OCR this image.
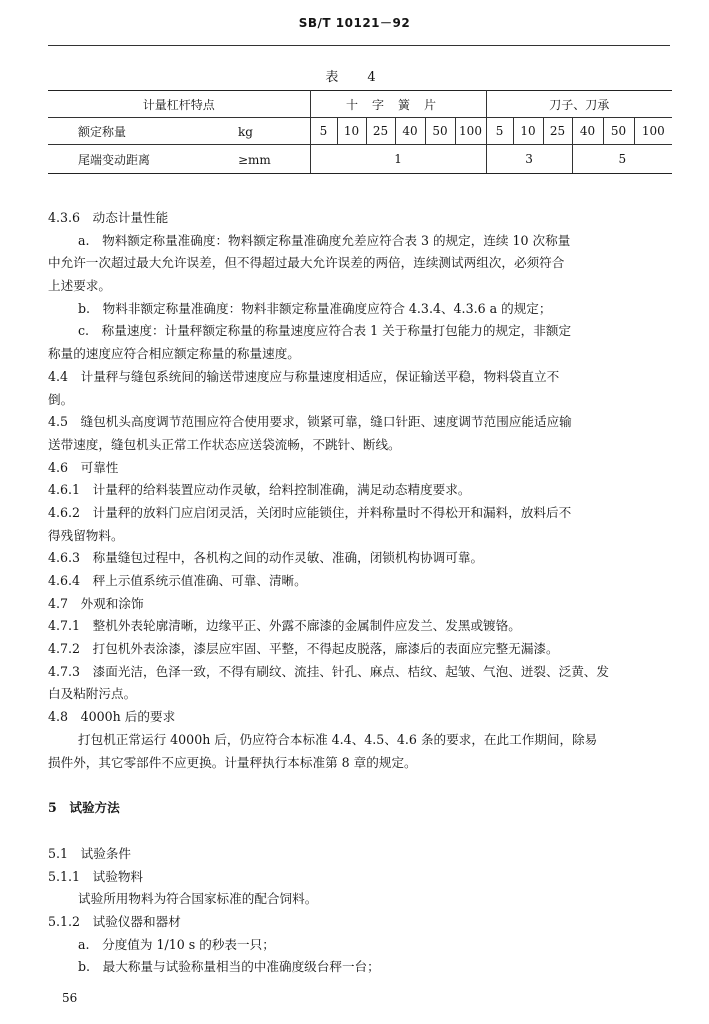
SB/T 10121－92
表　4
计量杠杆特点	十字簧片						刀子、刀承					
额定称量 kg	5	10	25	40	50	100	5	10	25	40	50	100
尾端变动距离 ≥mm	1						3			5		
4.3.6　动态计量性能
a.　物料额定称量准确度：物料额定称量准确度允差应符合表 3 的规定，连续 10 次称量
中允许一次超过最大允许误差，但不得超过最大允许误差的两倍，连续测试两组次，必须符合
上述要求。
b.　物料非额定称量准确度：物料非额定称量准确度应符合 4.3.4、4.3.6 a 的规定；
c.　称量速度：计量秤额定称量的称量速度应符合表 1 关于称量打包能力的规定，非额定
称量的速度应符合相应额定称量的称量速度。
4.4　计量秤与缝包系统间的输送带速度应与称量速度相适应，保证输送平稳，物料袋直立不
倒。
4.5　缝包机头高度调节范围应符合使用要求，锁紧可靠，缝口针距、速度调节范围应能适应输
送带速度，缝包机头正常工作状态应送袋流畅，不跳针、断线。
4.6　可靠性
4.6.1　计量秤的给料装置应动作灵敏，给料控制准确，满足动态精度要求。
4.6.2　计量秤的放料门应启闭灵活，关闭时应能锁住，并料称量时不得松开和漏料，放料后不
得残留物料。
4.6.3　称量缝包过程中，各机构之间的动作灵敏、准确，闭锁机构协调可靠。
4.6.4　秤上示值系统示值准确、可靠、清晰。
4.7　外观和涂饰
4.7.1　整机外表轮廓清晰，边缘平正、外露不廍漆的金属制件应发兰、发黑或镀铬。
4.7.2　打包机外表涂漆，漆层应牢固、平整，不得起皮脱落，廍漆后的表面应完整无漏漆。
4.7.3　漆面光洁，色泽一致，不得有刷纹、流挂、针孔、麻点、桔纹、起皱、气泡、迸裂、泛黄、发
白及粘附污点。
4.8　4000h 后的要求
打包机正常运行 4000h 后，仍应符合本标准 4.4、4.5、4.6 条的要求，在此工作期间，除易
损件外，其它零部件不应更换。计量秤执行本标准第 8 章的规定。
5　试验方法
5.1　试验条件
5.1.1　试验物料
试验所用物料为符合国家标准的配合饲料。
5.1.2　试验仪器和器材
a.　分度值为 1/10 s 的秒表一只；
b.　最大称量与试验称量相当的中准确度级台秤一台；
56
